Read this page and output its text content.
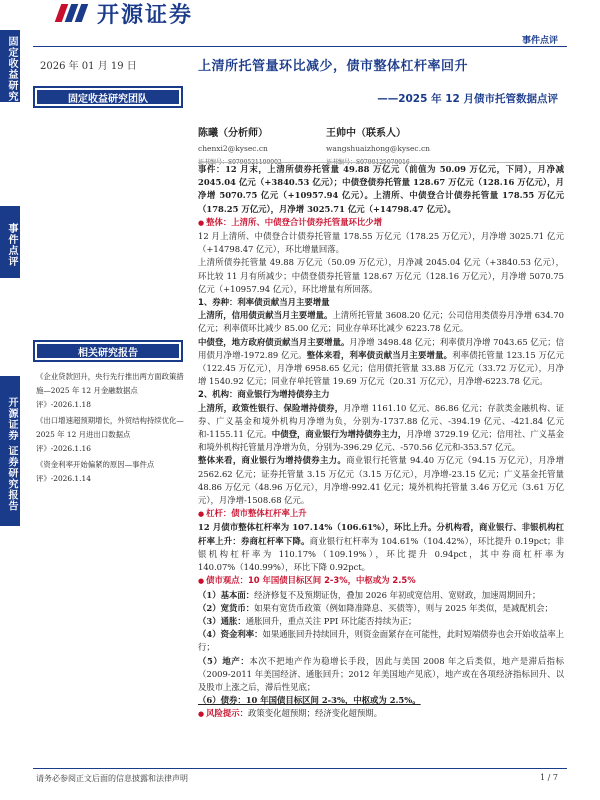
开源证券
事件点评
固定收益研究
事件点评
开源证券 证券研究报告
2026 年 01 月 19 日
固定收益研究团队
上清所托管量环比减少，债市整体杠杆率回升
——2025 年 12 月债市托管数据点评
陈曦（分析师）
chenxi2@kysec.cn
王帅中（联系人）
wangshuaizhong@kysec.cn

事件：12 月末，上清所债券托管量 49.88 万亿元（前值为 50.09 万亿元，下同），月净减 2045.04 亿元（+3840.53 亿元）；中债登债券托管量 128.67 万亿元（128.16 万亿元），月净增 5070.75 亿元（+10957.94 亿元）。上清所、中债登合计债券托管量 178.55 万亿元（178.25 万亿元），月净增 3025.71 亿元（+14798.47 亿元）。

● 整体：上清所、中债登合计债券托管量环比少增

12 月上清所、中债登合计债券托管量 178.55 万亿元（178.25 万亿元），月净增 3025.71 亿元（+14798.47 亿元），环比增量回落。

上清所债券托管量 49.88 万亿元（50.09 万亿元），月净减 2045.04 亿元（+3840.53 亿元），环比较 11 月有所减少；中债登债券托管量 128.67 万亿元（128.16 万亿元），月净增 5070.75 亿元（+10957.94 亿元），环比增量有所回落。

1、券种：利率债贡献当月主要增量

上清所，信用债贡献当月主要增量。上清所托管量 3608.20 亿元；公司信用类债券月净增 634.70 亿元；利率债环比减少 85.00 亿元；同业存单环比减少 6223.78 亿元。

中债登，地方政府债贡献当月主要增量。月净增 3498.48 亿元；利率债月净增 7043.65 亿元；信用债月净增-1972.89 亿元。整体来看，利率债贡献当月主要增量。利率债托管量 123.15 万亿元（122.45 万亿元），月净增 6958.65 亿元；信用债托管量 33.88 万亿元（33.72 万亿元），月净增 1540.92 亿元；同业存单托管量 19.69 万亿元（20.31 万亿元），月净增-6223.78 亿元。

2、机构：商业银行为增持债券主力

上清所，政策性银行、保险增持债券，月净增 1161.10 亿元、86.86 亿元；存款类金融机构、证券、广义基金和境外机构月净增为负，分别为-1737.88 亿元、-394.19 亿元、-421.84 亿元和-1155.11 亿元。中债登，商业银行为增持债券主力，月净增 3729.19 亿元；信用社、广义基金和境外机构托管量月净增为负，分别为-396.29 亿元、-570.56 亿元和-353.57 亿元。

整体来看，商业银行为增持债券主力。商业银行托管量 94.40 万亿元（94.15 万亿元），月净增 2562.62 亿元；证券托管量 3.15 万亿元（3.15 万亿元），月净增-23.15 亿元；广义基金托管量 48.86 万亿元（48.96 万亿元），月净增-992.41 亿元；境外机构托管量 3.46 万亿元（3.61 万亿元），月净增-1508.68 亿元。

● 杠杆：债市整体杠杆率上升

12 月债市整体杠杆率为 107.14%（106.61%），环比上升。分机构看，商业银行、非银机构杠杆率上升：券商杠杆率下降。商业银行杠杆率为 104.61%（104.42%），环比提升 0.19pct；非银机构杠杆率为 110.17%（109.19%），环比提升 0.94pct，其中券商杠杆率为 140.07%（140.99%），环比下降 0.92pct。

● 债市观点：10 年国债目标区间 2-3%，中枢或为 2.5%

（1）基本面：经济修复不及预期证伪，叠加 2026 年初或宽信用、宽财政，加速周期回升；

（2）宽货币：如果有宽货币政策（例如降准降息、买债等），则与 2025 年类似，是减配机会；

（3）通胀：通胀回升，重点关注 PPI 环比能否持续为正；

（4）资金利率：如果通胀回升持续回升，则资金面紧存在可能性，此时短端债券也会开始收益率上行；

（5）地产：本次不把地产作为稳增长手段，因此与美国 2008 年之后类似，地产是滞后指标（2009-2011 年美国经济、通胀回升；2012 年美国地产见底），地产或在各项经济指标回升、以及股市上涨之后，滞后性见底；

（6）债券：10 年国债目标区间 2-3%，中枢或为 2.5%。

● 风险提示：政策变化超预期；经济变化超预期。

相关研究报告
《企业贷款回升，央行先行推出两方面政策措施—2025 年 12 月金融数据点评》-2026.1.18
《出口增速超预期增长，外贸结构持续优化—2025 年 12 月进出口数据点评》-2026.1.16
《资金利率开始偏紧的原因—事件点评》-2026.1.14
请务必参阅正文后面的信息披露和法律声明	1 / 7
